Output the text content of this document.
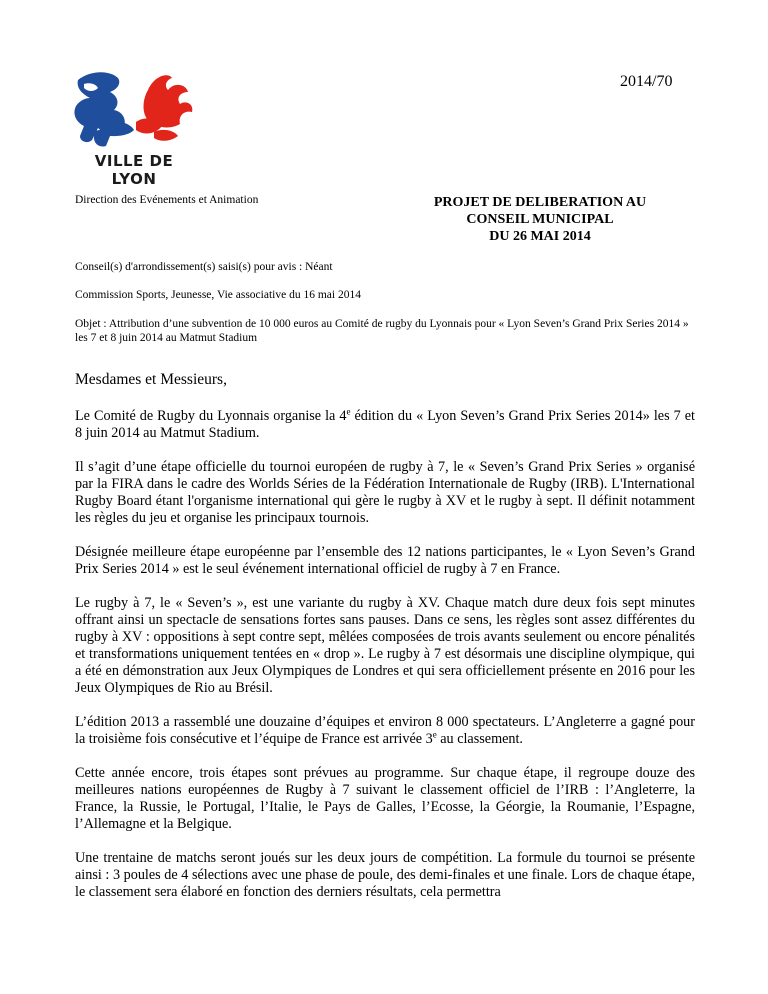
VILLE DE LYON
2014/70
Direction des Evénements et Animation	PROJET DE DELIBERATION AU
CONSEIL MUNICIPAL
DU 26 MAI 2014
Conseil(s) d'arrondissement(s) saisi(s) pour avis : Néant
Commission Sports, Jeunesse, Vie associative du 16 mai 2014
Objet : Attribution d’une subvention de 10 000 euros au Comité de rugby du Lyonnais pour « Lyon Seven’s Grand Prix Series 2014 » les 7 et 8 juin 2014 au Matmut Stadium
Mesdames et Messieurs,

Le Comité de Rugby du Lyonnais organise la 4e édition du « Lyon Seven’s Grand Prix Series 2014» les 7 et 8 juin 2014 au Matmut Stadium.

Il s’agit d’une étape officielle du tournoi européen de rugby à 7, le « Seven’s Grand Prix Series » organisé par la FIRA dans le cadre des Worlds Séries de la Fédération Internationale de Rugby (IRB). L'International Rugby Board étant l'organisme international qui gère le rugby à XV et le rugby à sept. Il définit notamment les règles du jeu et organise les principaux tournois.

Désignée meilleure étape européenne par l’ensemble des 12 nations participantes, le « Lyon Seven’s Grand Prix Series 2014 » est le seul événement international officiel de rugby à 7 en France.

Le rugby à 7, le « Seven’s », est une variante du rugby à XV. Chaque match dure deux fois sept minutes offrant ainsi un spectacle de sensations fortes sans pauses. Dans ce sens, les règles sont assez différentes du rugby à XV : oppositions à sept contre sept, mêlées composées de trois avants seulement ou encore pénalités et transformations uniquement tentées en « drop ». Le rugby à 7 est désormais une discipline olympique, qui a été en démonstration aux Jeux Olympiques de Londres et qui sera officiellement présente en 2016 pour les Jeux Olympiques de Rio au Brésil.

L’édition 2013 a rassemblé une douzaine d’équipes et environ 8 000 spectateurs. L’Angleterre a gagné pour la troisième fois consécutive et l’équipe de France est arrivée 3e au classement.

Cette année encore, trois étapes sont prévues au programme. Sur chaque étape, il regroupe douze des meilleures nations européennes de Rugby à 7 suivant le classement officiel de l’IRB : l’Angleterre, la France, la Russie, le Portugal, l’Italie, le Pays de Galles, l’Ecosse, la Géorgie, la Roumanie, l’Espagne, l’Allemagne et la Belgique.

Une trentaine de matchs seront joués sur les deux jours de compétition. La formule du tournoi se présente ainsi : 3 poules de 4 sélections avec une phase de poule, des demi-finales et une finale. Lors de chaque étape, le classement sera élaboré en fonction des derniers résultats, cela permettra
